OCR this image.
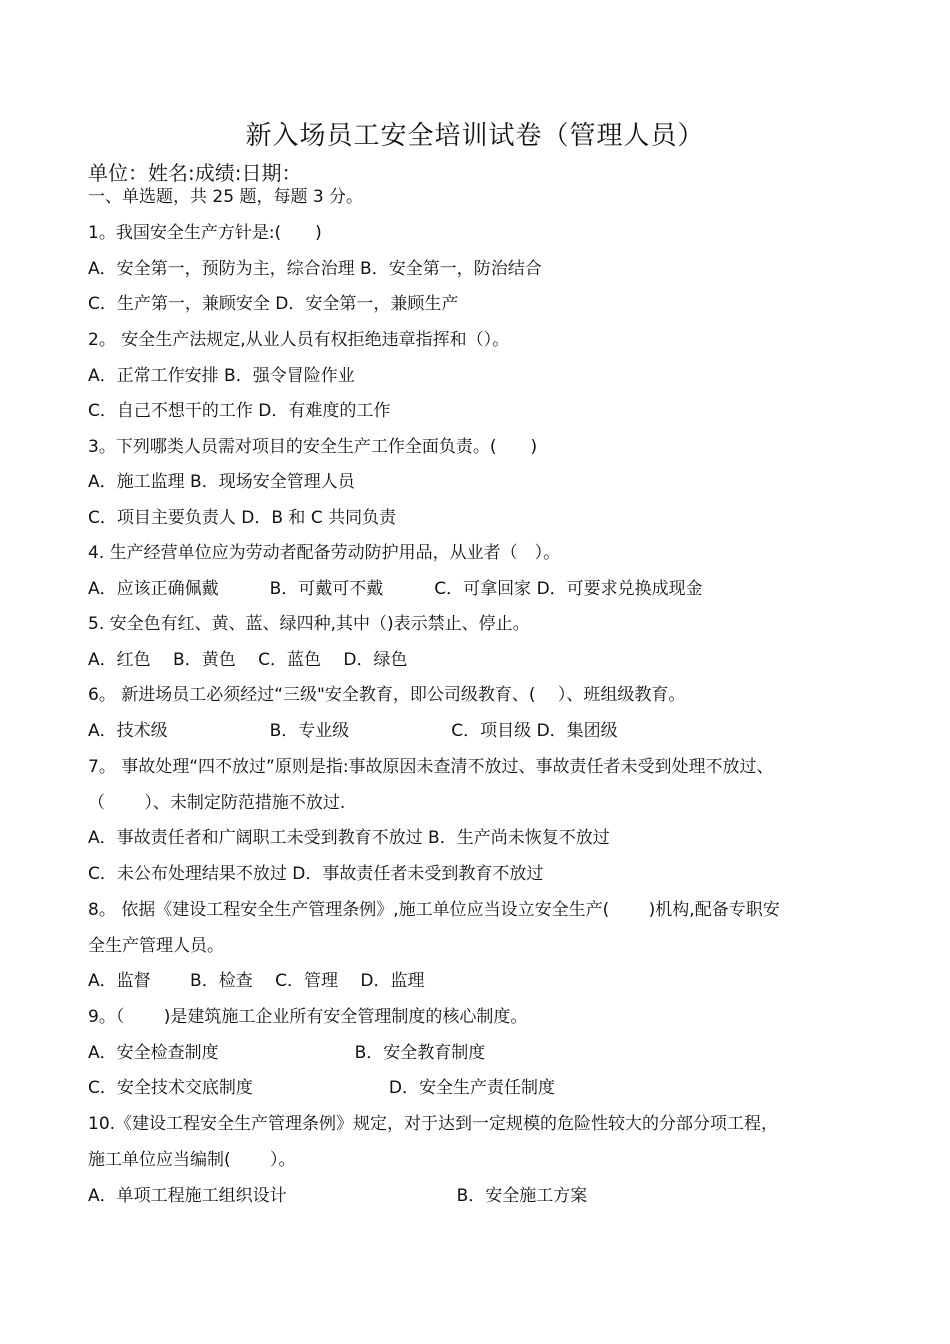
新入场员工安全培训试卷（管理人员）
单位：姓名:成绩:日期：
一、单选题，共 25 题，每题 3 分。
1。我国安全生产方针是:(　　)
A．安全第一，预防为主，综合治理 B．安全第一，防治结合
C．生产第一，兼顾安全 D．安全第一，兼顾生产
2。 安全生产法规定,从业人员有权拒绝违章指挥和（）。
A．正常工作安排 B．强令冒险作业
C．自己不想干的工作 D．有难度的工作
3。下列哪类人员需对项目的安全生产工作全面负责。(　　)
A．施工监理 B．现场安全管理人员
C．项目主要负责人 D．B 和 C 共同负责
4. 生产经营单位应为劳动者配备劳动防护用品，从业者（　）。
A．应该正确佩戴　　　B．可戴可不戴　　　C．可拿回家 D．可要求兑换成现金
5. 安全色有红、黄、蓝、绿四种,其中（)表示禁止、停止。
A．红色　 B．黄色　 C．蓝色　 D．绿色
6。 新进场员工必须经过“三级"安全教育，即公司级教育、(　 ）、班组级教育。
A．技术级　　　　　　B．专业级　　　　　　C．项目级 D．集团级
7。 事故处理“四不放过”原则是指:事故原因未查清不放过、事故责任者未受到处理不放过、
（　　 ）、未制定防范措施不放过.
A．事故责任者和广阔职工未受到教育不放过 B．生产尚未恢复不放过
C．未公布处理结果不放过 D．事故责任者未受到教育不放过
8。 依据《建设工程安全生产管理条例》,施工单位应当设立安全生产(　　 )机构,配备专职安
全生产管理人员。
A．监督　　 B．检查　 C．管理　 D．监理
9。（　　 )是建筑施工企业所有安全管理制度的核心制度。
A．安全检查制度　　　　　　　　B．安全教育制度
C．安全技术交底制度　　　　　　　　D．安全生产责任制度
10.《建设工程安全生产管理条例》规定，对于达到一定规模的危险性较大的分部分项工程，
施工单位应当编制(　　 ）。
A．单项工程施工组织设计　　　　　　　　　　B．安全施工方案
